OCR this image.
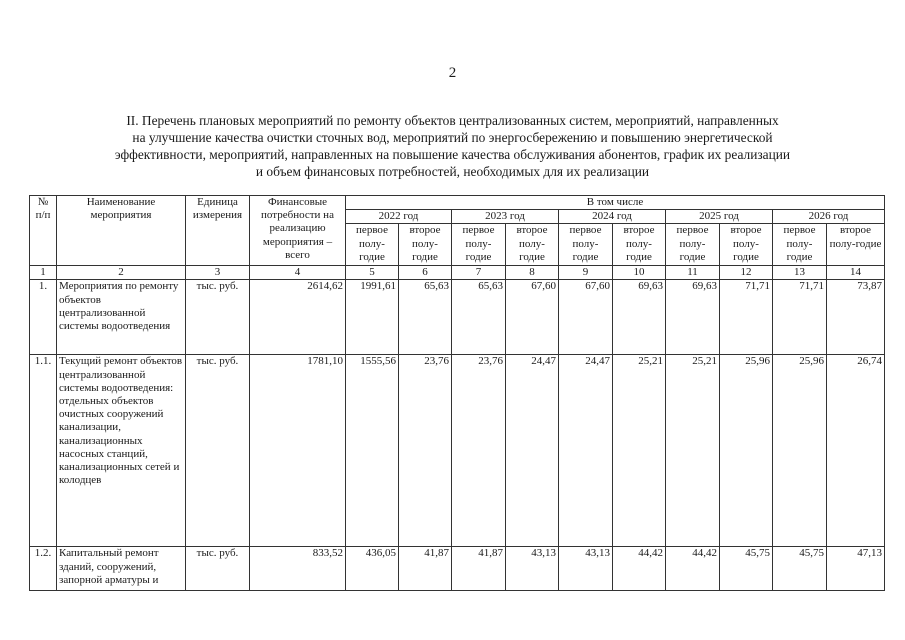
2
II. Перечень плановых мероприятий по ремонту объектов централизованных систем, мероприятий, направленных
на улучшение качества очистки сточных вод, мероприятий по энергосбережению и повышению энергетической
эффективности, мероприятий, направленных на повышение качества обслуживания абонентов, график их реализации
и объем финансовых потребностей, необходимых для их реализации
№ п/п	Наименование мероприятия	Единица измерения	Финансовые потребности на реализацию мероприятия – всего	В том числе									
				2022 год		2023 год		2024 год		2025 год		2026 год	
				первое полу-годие	второе полу-годие	первое полу-годие	второе полу-годие	первое полу-годие	второе полу-годие	первое полу-годие	второе полу-годие	первое полу-годие	второе полу-годие
1	2	3	4	5	6	7	8	9	10	11	12	13	14
1.	Мероприятия по ремонту объектов централизованной системы водоотведения	тыс. руб.	2614,62	1991,61	65,63	65,63	67,60	67,60	69,63	69,63	71,71	71,71	73,87
1.1.	Текущий ремонт объектов централизованной системы водоотведения: отдельных объектов очистных сооружений канализации, канализационных насосных станций, канализационных сетей и колодцев	тыс. руб.	1781,10	1555,56	23,76	23,76	24,47	24,47	25,21	25,21	25,96	25,96	26,74
1.2.	Капитальный ремонт зданий, сооружений, запорной арматуры и	тыс. руб.	833,52	436,05	41,87	41,87	43,13	43,13	44,42	44,42	45,75	45,75	47,13
